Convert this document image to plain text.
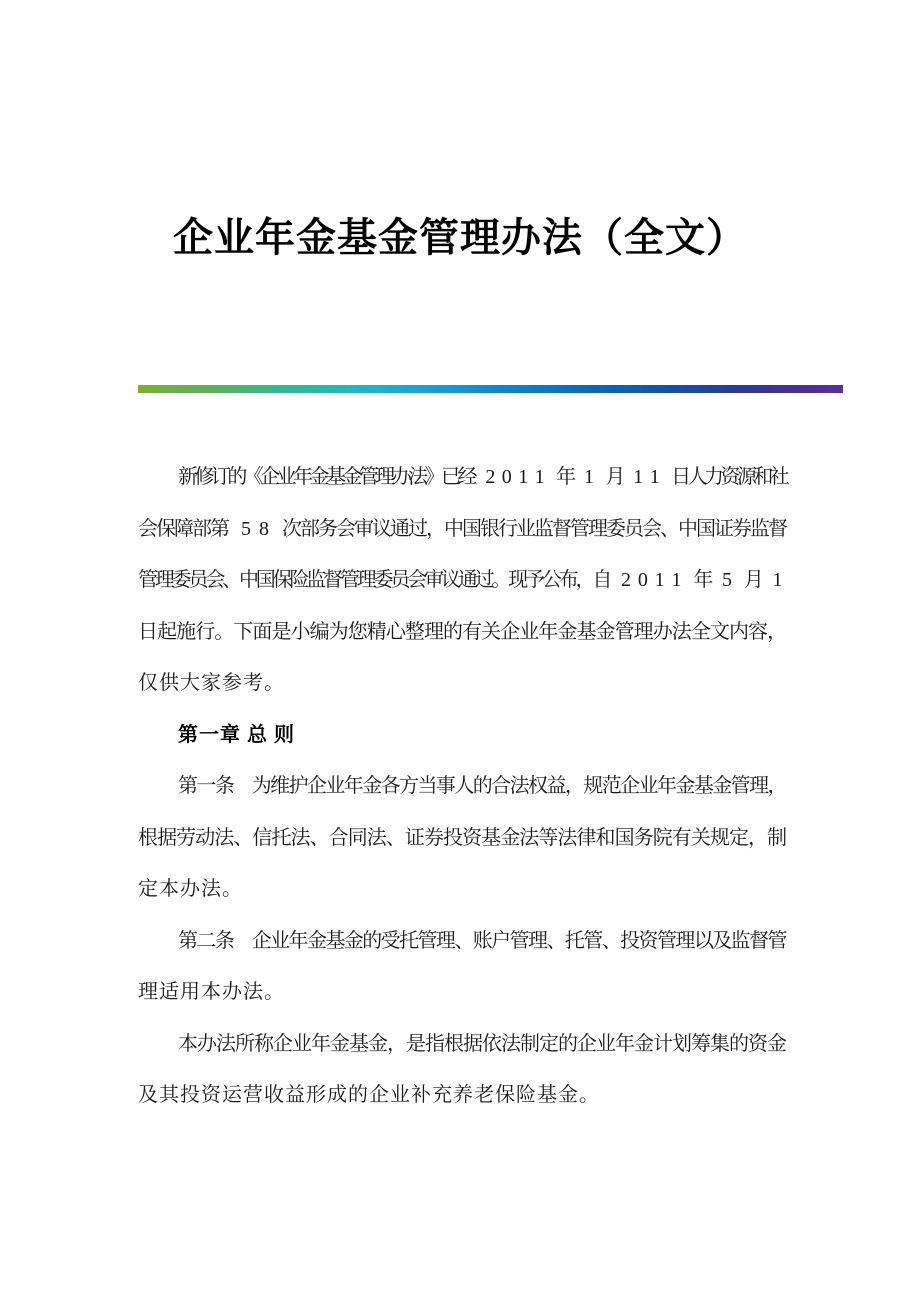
企业年金基金管理办法（全文）
新
修
订
的
《
企
业
年
金
基
金
管
理
办
法
》
已
经 2 0 1 1 年 1 月 1 1 日
人
力
资
源
和
社
会
保
障
部
第 5 8 次
部
务
会
审
议
通
过
，
中
国
银
行
业
监
督
管
理
委
员
会
、
中
国
证
券
监
督
管
理
委
员
会
、
中
国
保
险
监
督
管
理
委
员
会
审
议
通
过
。
现
予
公
布
，
自 2 0 1 1 年 5 月 1
日 起 施 行 。 下 面 是 小 编 为 您 精 心 整 理 的 有 关 企 业 年 金 基 金 管 理 办 法 全 文 内 容 ，
仅供大家参考。
第一章 总 则
第
一
条 为
维
护
企
业
年
金
各
方
当
事
人
的
合
法
权
益
，
规
范
企
业
年
金
基
金
管
理
，
根 据 劳 动 法 、 信 托 法 、 合 同 法 、 证 券 投 资 基 金 法 等 法 律 和 国 务 院 有 关 规 定 ， 制
定本办法。
第
二
条 企
业
年
金
基
金
的
受
托
管
理
、
账
户
管
理
、
托
管
、
投
资
管
理
以
及
监
督
管
理适用本办法。
本 办 法 所 称 企 业 年 金 基 金 ， 是 指 根 据 依 法 制 定 的 企 业 年 金 计 划 筹 集 的 资 金
及其投资运营收益形成的企业补充养老保险基金。
